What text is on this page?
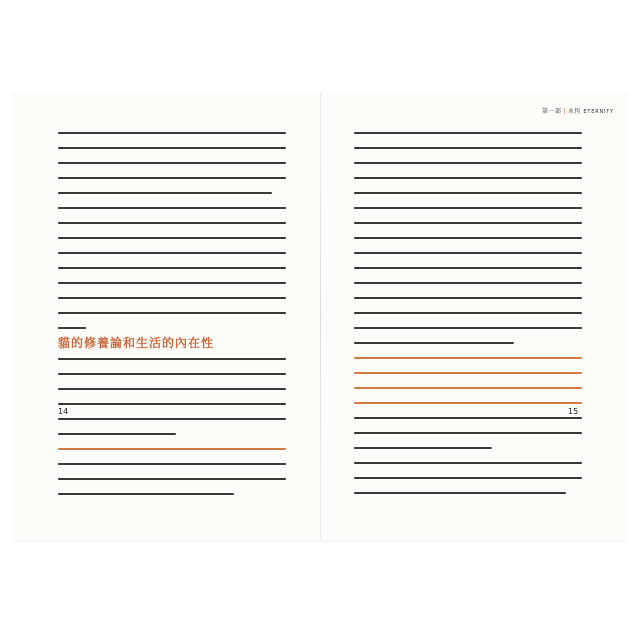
貓的修養論和生活的內在性
14
第一部 | 永恆 ETERNITY
15
